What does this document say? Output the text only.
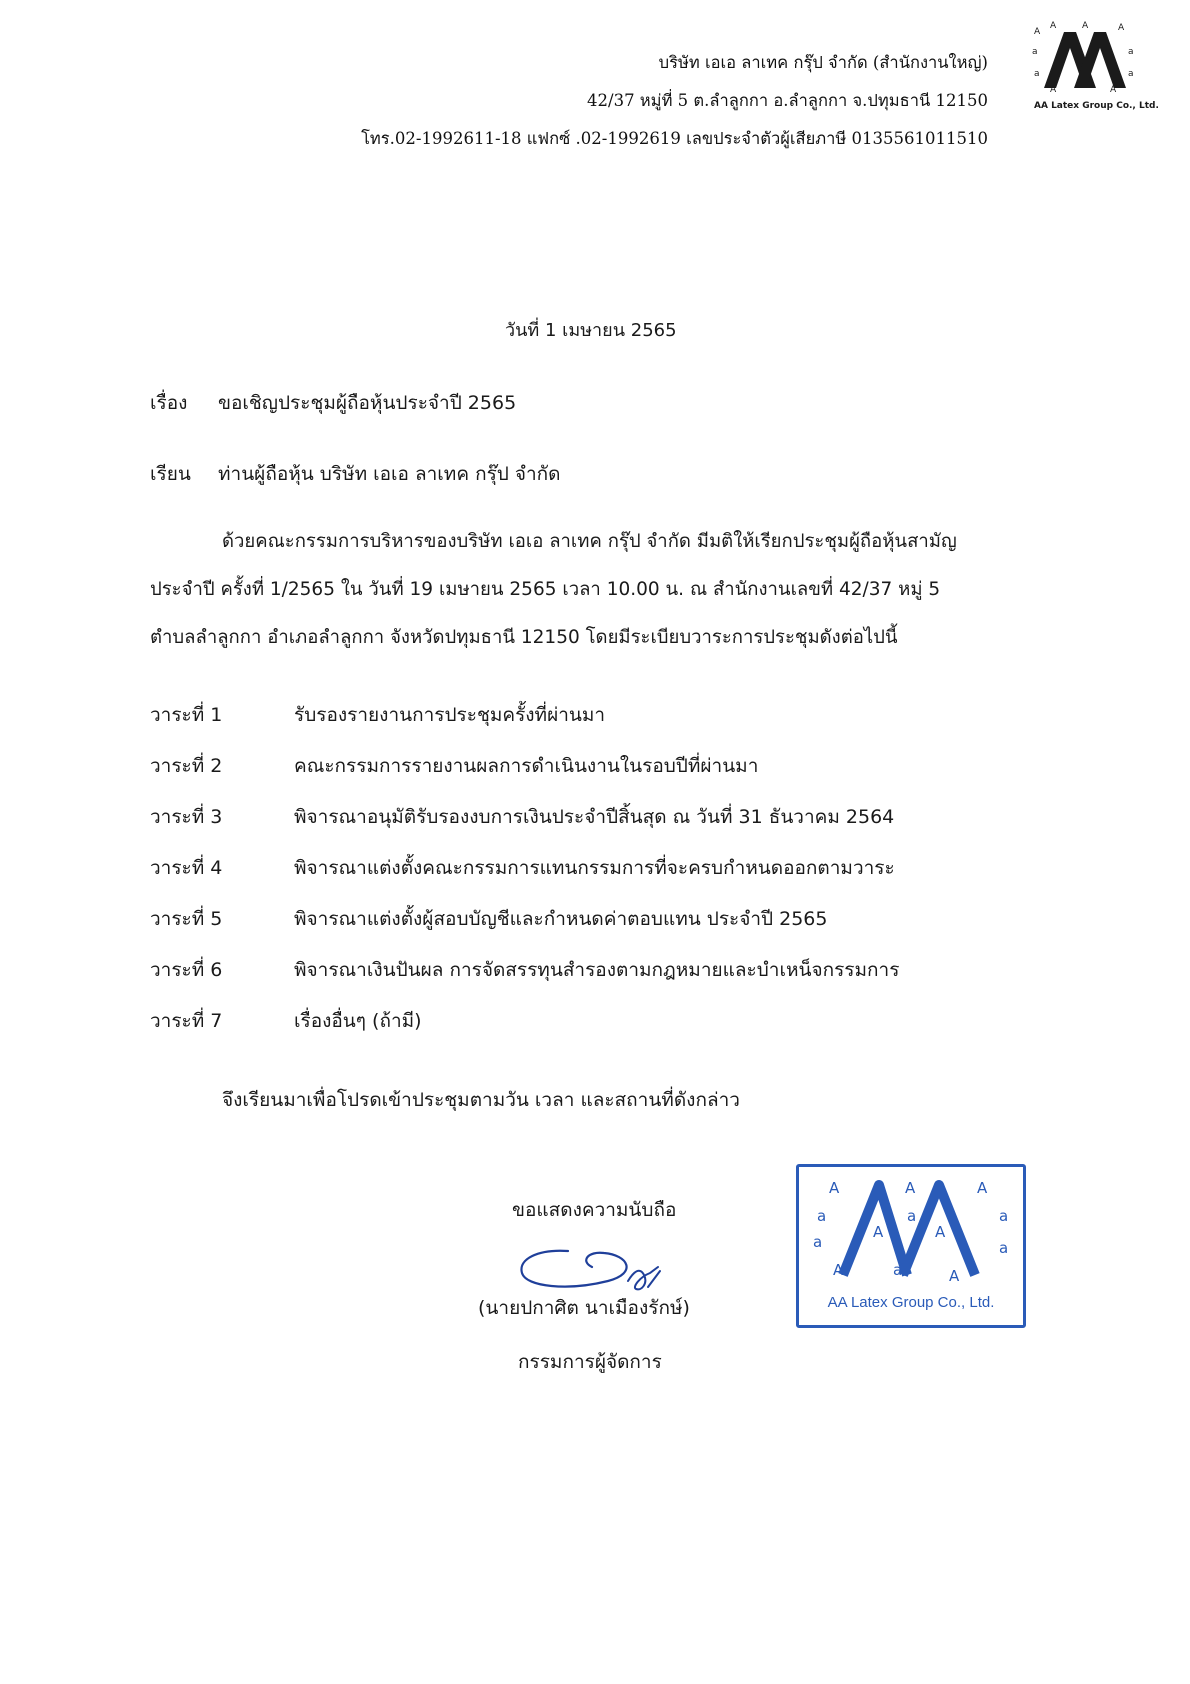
บริษัท เอเอ ลาเทค กรุ๊ป จำกัด (สำนักงานใหญ่)
42/37 หมู่ที่ 5 ต.ลำลูกกา อ.ลำลูกกา จ.ปทุมธานี 12150
โทร.02-1992611-18 แฟกซ์ .02-1992619 เลขประจำตัวผู้เสียภาษี 0135561011510
A
A	A	A
a	a
a	a
A	A
AA Latex Group Co., Ltd.
วันที่ 1 เมษายน 2565
เรื่อง ขอเชิญประชุมผู้ถือหุ้นประจำปี 2565
เรียน ท่านผู้ถือหุ้น บริษัท เอเอ ลาเทค กรุ๊ป จำกัด
ด้วยคณะกรรมการบริหารของบริษัท เอเอ ลาเทค กรุ๊ป จำกัด มีมติให้เรียกประชุมผู้ถือหุ้นสามัญ
ประจำปี ครั้งที่ 1/2565 ใน วันที่ 19 เมษายน 2565 เวลา 10.00 น. ณ สำนักงานเลขที่ 42/37 หมู่ 5
ตำบลลำลูกกา อำเภอลำลูกกา จังหวัดปทุมธานี 12150 โดยมีระเบียบวาระการประชุมดังต่อไปนี้
วาระที่ 1	รับรองรายงานการประชุมครั้งที่ผ่านมา
วาระที่ 2	คณะกรรมการรายงานผลการดำเนินงานในรอบปีที่ผ่านมา
วาระที่ 3	พิจารณาอนุมัติรับรองงบการเงินประจำปีสิ้นสุด ณ วันที่ 31 ธันวาคม 2564
วาระที่ 4	พิจารณาแต่งตั้งคณะกรรมการแทนกรรมการที่จะครบกำหนดออกตามวาระ
วาระที่ 5	พิจารณาแต่งตั้งผู้สอบบัญชีและกำหนดค่าตอบแทน ประจำปี 2565
วาระที่ 6	พิจารณาเงินปันผล การจัดสรรทุนสำรองตามกฎหมายและบำเหน็จกรรมการ
วาระที่ 7	เรื่องอื่นๆ (ถ้ามี)
จึงเรียนมาเพื่อโปรดเข้าประชุมตามวัน เวลา และสถานที่ดังกล่าว
ขอแสดงความนับถือ
(นายปกาศิต นาเมืองรักษ์)
กรรมการผู้จัดการ
A	A	A
a	a	a
a
A	A
a
A	a	A
AA Latex Group Co., Ltd.
